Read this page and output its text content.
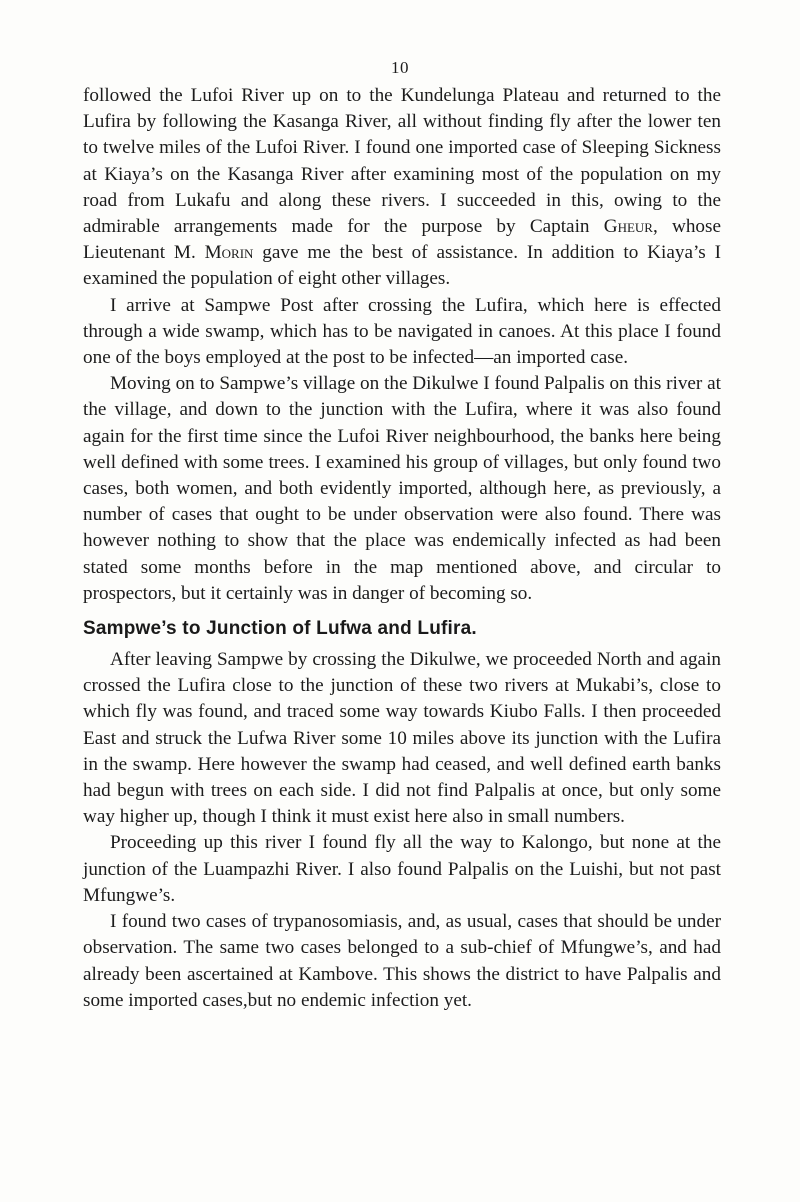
10

followed the Lufoi River up on to the Kundelunga Plateau and returned to the Lufira by following the Kasanga River, all without finding fly after the lower ten to twelve miles of the Lufoi River. I found one imported case of Sleeping Sickness at Kiaya’s on the Kasanga River after examining most of the population on my road from Lukafu and along these rivers. I succeeded in this, owing to the admirable arrangements made for the purpose by Captain Gheur, whose Lieutenant M. Morin gave me the best of assistance. In addition to Kiaya’s I examined the population of eight other villages.

I arrive at Sampwe Post after crossing the Lufira, which here is effected through a wide swamp, which has to be navigated in canoes. At this place I found one of the boys employed at the post to be infected—an imported case.

Moving on to Sampwe’s village on the Dikulwe I found Palpalis on this river at the village, and down to the junction with the Lufira, where it was also found again for the first time since the Lufoi River neighbourhood, the banks here being well defined with some trees. I examined his group of villages, but only found two cases, both women, and both evidently imported, although here, as previously, a number of cases that ought to be under observation were also found. There was however nothing to show that the place was endemically infected as had been stated some months before in the map mentioned above, and circular to prospectors, but it certainly was in danger of becoming so.

Sampwe’s to Junction of Lufwa and Lufira.

After leaving Sampwe by crossing the Dikulwe, we proceeded North and again crossed the Lufira close to the junction of these two rivers at Mukabi’s, close to which fly was found, and traced some way towards Kiubo Falls. I then proceeded East and struck the Lufwa River some 10 miles above its junction with the Lufira in the swamp. Here however the swamp had ceased, and well defined earth banks had begun with trees on each side. I did not find Palpalis at once, but only some way higher up, though I think it must exist here also in small numbers.

Proceeding up this river I found fly all the way to Kalongo, but none at the junction of the Luampazhi River. I also found Palpalis on the Luishi, but not past Mfungwe’s.

I found two cases of trypanosomiasis, and, as usual, cases that should be under observation. The same two cases belonged to a sub-chief of Mfungwe’s, and had already been ascertained at Kambove. This shows the district to have Palpalis and some imported cases,but no endemic infection yet.
